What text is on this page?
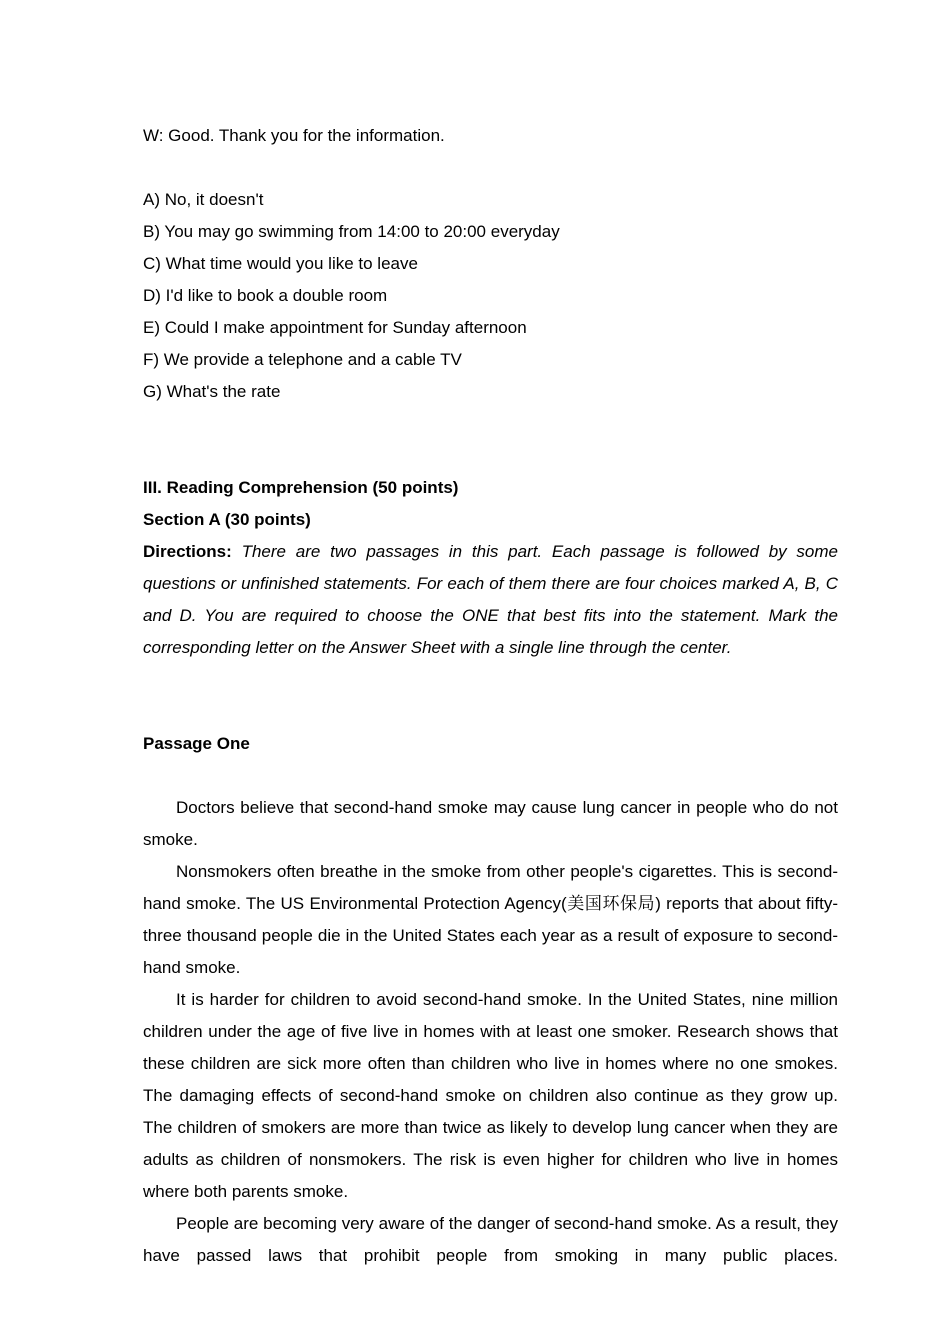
W: Good. Thank you for the information.

A) No, it doesn't
B) You may go swimming from 14:00 to 20:00 everyday
C) What time would you like to leave
D) I'd like to book a double room
E) Could I make appointment for Sunday afternoon
F) We provide a telephone and a cable TV
G) What's the rate

III. Reading Comprehension (50 points)
Section A (30 points)
Directions: There are two passages in this part. Each passage is followed by some questions or unfinished statements. For each of them there are four choices marked A, B, C and D. You are required to choose the ONE that best fits into the statement. Mark the corresponding letter on the Answer Sheet with a single line through the center.

Passage One

Doctors believe that second-hand smoke may cause lung cancer in people who do not smoke.

Nonsmokers often breathe in the smoke from other people's cigarettes. This is second-hand smoke. The US Environmental Protection Agency(美国环保局) reports that about fifty-three thousand people die in the United States each year as a result of exposure to second-hand smoke.

It is harder for children to avoid second-hand smoke. In the United States, nine million children under the age of five live in homes with at least one smoker. Research shows that these children are sick more often than children who live in homes where no one smokes. The damaging effects of second-hand smoke on children also continue as they grow up. The children of smokers are more than twice as likely to develop lung cancer when they are adults as children of nonsmokers. The risk is even higher for children who live in homes where both parents smoke.

People are becoming very aware of the danger of second-hand smoke. As a result, they have passed laws that prohibit people from smoking in many public places.
